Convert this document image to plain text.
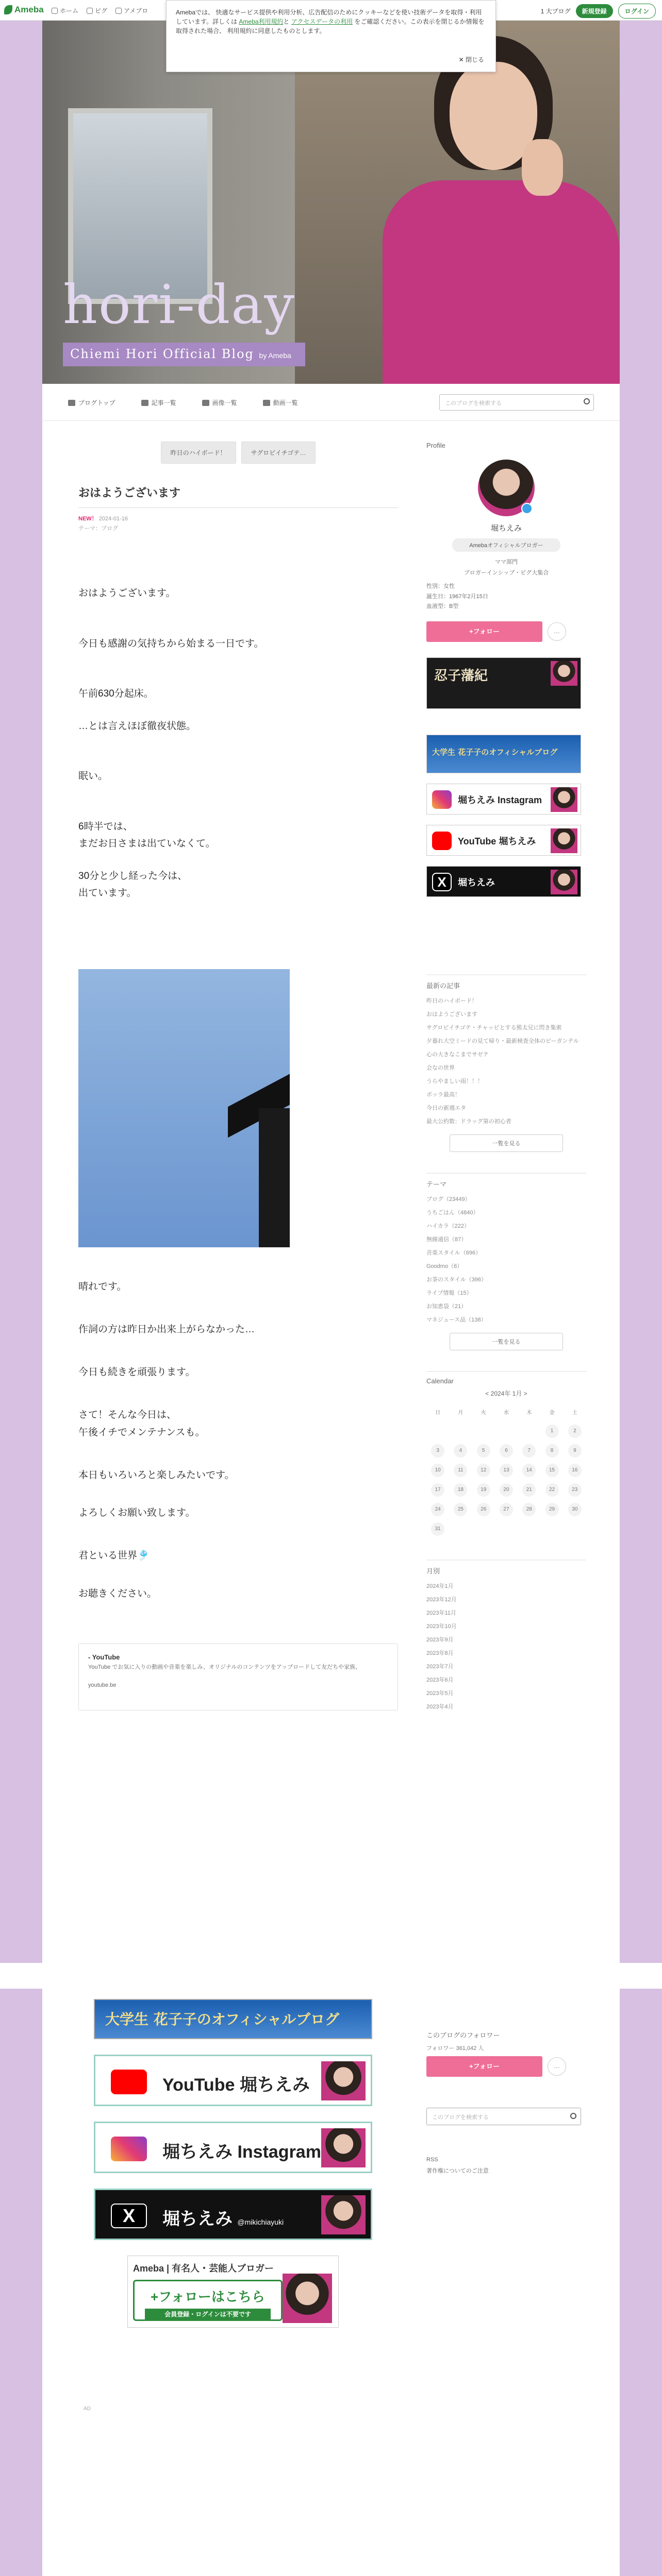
Ameba	ホーム	ピグ	アメブロ	1 大ブログ	新規登録	ログイン
Amebaでは、 快適なサービス提供や利用分析、広告配信のためにクッキーなどを使い技術データを取得・利用しています。詳しくは Ameba利用規約と アクセスデータの利用 をご確認ください。この表示を閉じるか情報を取得された場合、 利用規約に同意したものとします。
✕ 閉じる
hori-day
Chiemi Hori Official Blog by Ameba
ブログトップ	記事一覧	画像一覧	動画一覧	このブログを検索する
昨日のハイボード！	サグロピイチゴテ…
おはようございます
NEW！ 2024-01-16
テーマ：ブログ

おはようございます。

今日も感謝の気持ちから始まる一日です。

午前630分起床。

…とは言えほぼ徹夜状態。

眠い。

6時半では、

まだお日さまは出ていなくて。

30分と少し経った今は、

出ています。

晴れです。

作詞の方は昨日か出来上がらなかった…

今日も続きを頑張ります。

さて！そんな今日は、

午後イチでメンテナンスも。

本日もいろいろと楽しみたいです。

よろしくお願い致します。

君といる世界🎐

お聴きください。

- YouTube
YouTube でお気に入りの動画や音楽を楽しみ、オリジナルのコンテンツをアップロードして友だちや家族、

youtube.be
Profile
堀ちえみ
Amebaオフィシャルブロガー
ママ部門
ブロガーインシップ・ピグ大集合
性別：女性
誕生日：1967年2月15日
血液型：B型
+フォロー	…
忍子藩紀
大学生 花子子のオフィシャルブログ
堀ちえみ Instagram
YouTube 堀ちえみ
X	堀ちえみ
最新の記事
昨日のハイボード！
おはようございます
サグロピイチゴテ・チャッピとする熊太兄に閃き集索
夕暮れ大空ミードの見て帰り・最新検査全体のビーガンテル
心の大きなこまでサゼテ
会なの世界
うらやましい雨！！！
ポッラ最高！
今日の新週エタ
最大公約数：ドラッグ第の初心者
一覧を見る
テーマ
ブログ（23449）
うちごはん（4840）
ハイカラ（222）
無線通信（87）
音楽スタイル（696）
Goodmo（6）
お茶のスタイル（396）
ライブ情報（15）
お知恵袋（21）
マネジュース品（138）
一覧を見る
Calendar
< 2024年 1月 >
日	月	火	水	木	金	土
					1	2
3	4	5	6	7	8	9
10	11	12	13	14	15	16
17	18	19	20	21	22	23
24	25	26	27	28	29	30
31						
月別
2024年1月
2023年12月
2023年11月
2023年10月
2023年9月
2023年8月
2023年7月
2023年6月
2023年5月
2023年4月
大学生 花子子のオフィシャルブログ
YouTube 堀ちえみ
堀ちえみ Instagram
X	堀ちえみ @mikichiayuki
Ameba | 有名人・芸能人ブロガー
+フォローはこちら
会員登録・ログインは不要です
AD
このブログのフォロワー
フォロワー 361,042 人
+フォロー	…
このブログを検索する
RSS
著作権についてのご注意
